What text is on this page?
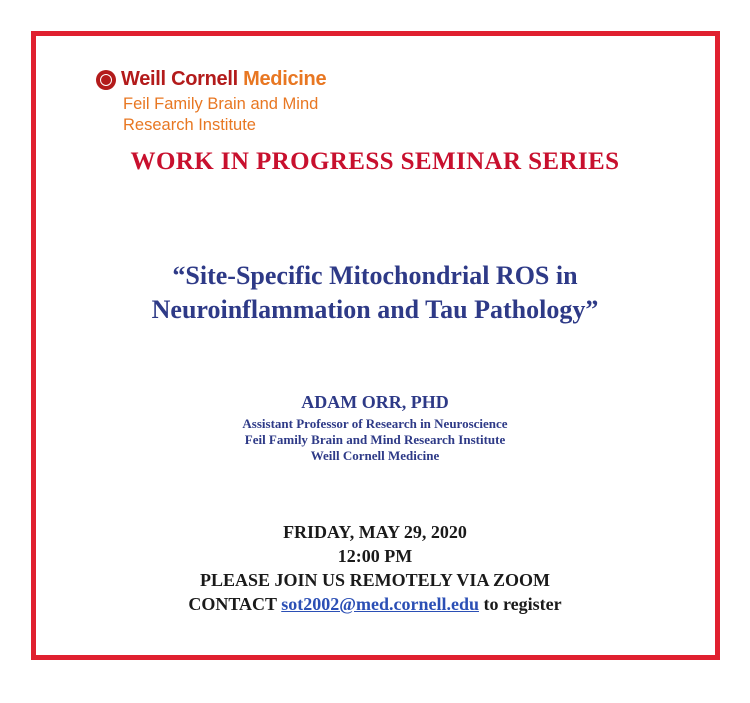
Weill Cornell Medicine
Feil Family Brain and Mind
Research Institute
WORK IN PROGRESS SEMINAR SERIES
“Site-Specific Mitochondrial ROS in
Neuroinflammation and Tau Pathology”
ADAM ORR, PHD
Assistant Professor of Research in Neuroscience
Feil Family Brain and Mind Research Institute
Weill Cornell Medicine
FRIDAY, MAY 29, 2020
12:00 PM
PLEASE JOIN US REMOTELY VIA ZOOM
CONTACT sot2002@med.cornell.edu to register
